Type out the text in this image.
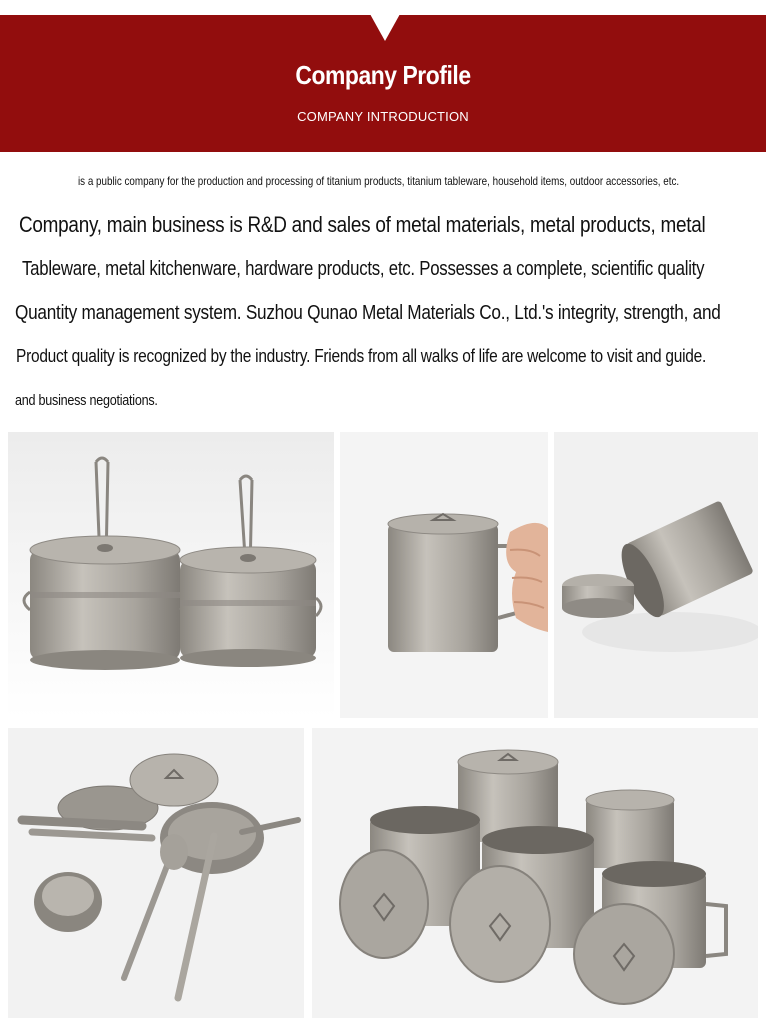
Company Profile
COMPANY INTRODUCTION
is a public company for the production and processing of titanium products, titanium tableware, household items, outdoor accessories, etc.
Company, main business is R&D and sales of metal materials, metal products, metal
Tableware, metal kitchenware, hardware products, etc. Possesses a complete, scientific quality
Quantity management system. Suzhou Qunao Metal Materials Co., Ltd.'s integrity, strength, and
Product quality is recognized by the industry. Friends from all walks of life are welcome to visit and guide.
and business negotiations.
